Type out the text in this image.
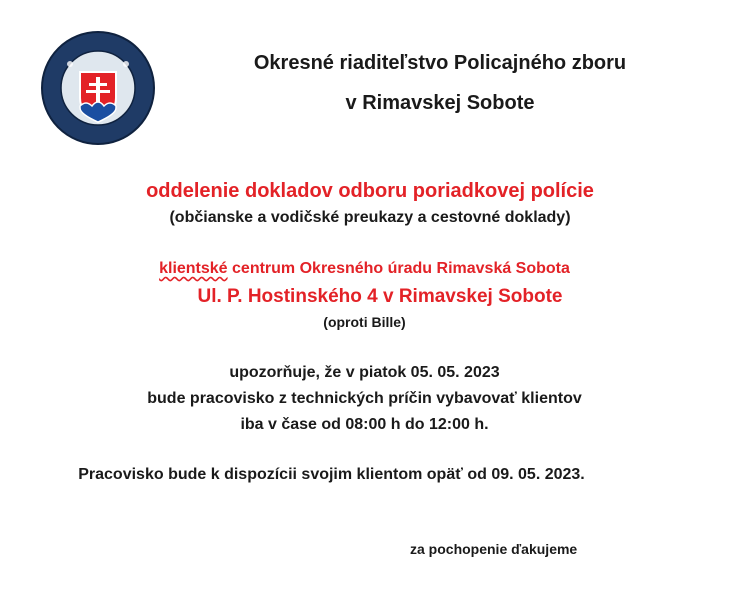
Okresné riaditeľstvo Policajného zboru
v Rimavskej Sobote
oddelenie dokladov odboru poriadkovej polície
(občianske a vodičské preukazy a cestovné doklady)
klientské centrum Okresného úradu Rimavská Sobota
Ul. P. Hostinského 4 v Rimavskej Sobote
(oproti Bille)
upozorňuje, že v piatok 05. 05. 2023
bude pracovisko z technických príčin vybavovať klientov
iba v čase od 08:00 h do 12:00 h.
Pracovisko bude k dispozícii svojim klientom opäť od 09. 05. 2023.
za pochopenie ďakujeme
